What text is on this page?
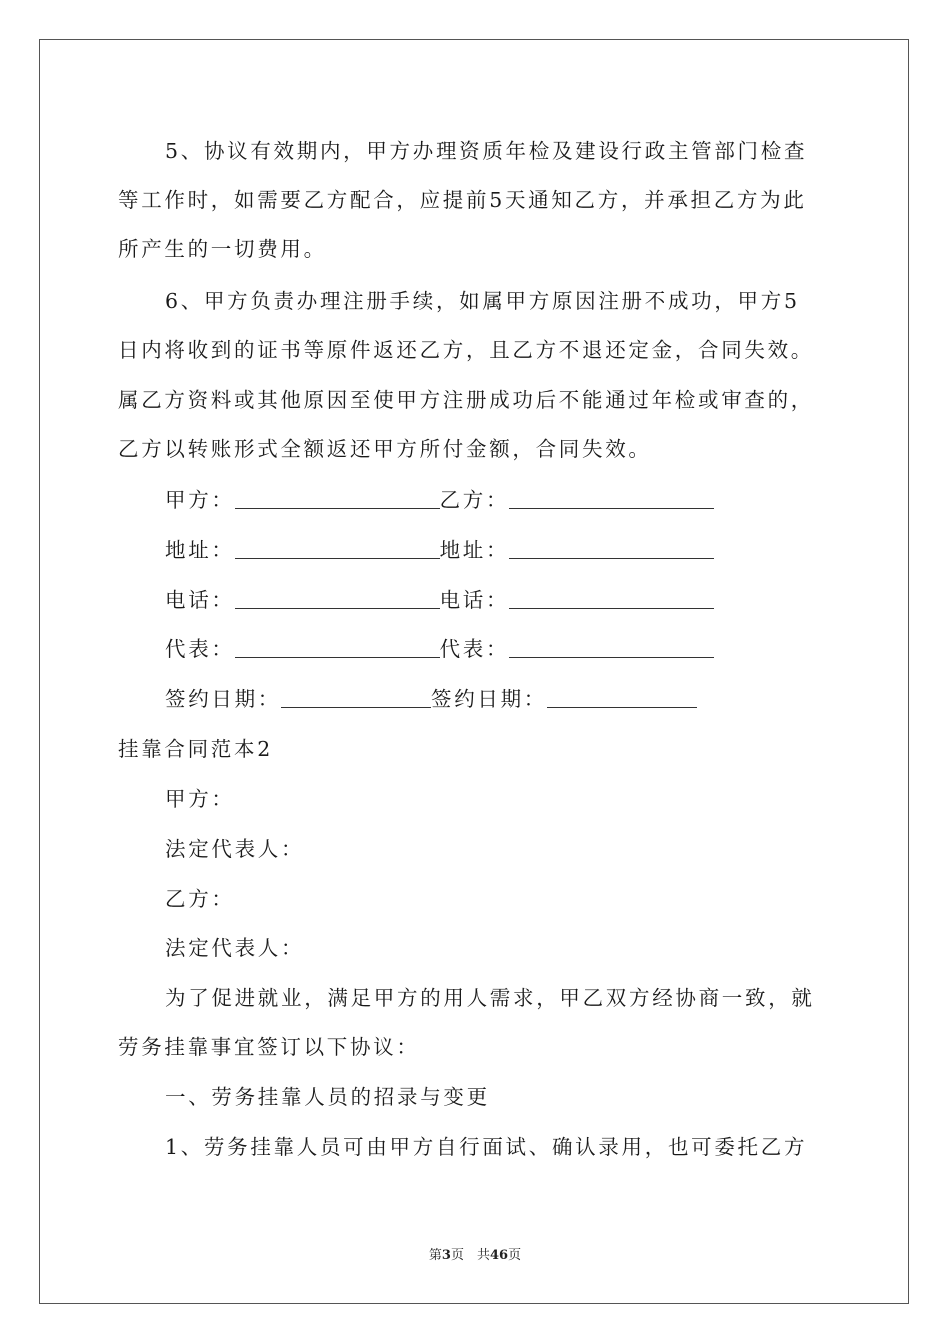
5、协议有效期内，甲方办理资质年检及建设行政主管部门检查
等工作时，如需要乙方配合，应提前5天通知乙方，并承担乙方为此
所产生的一切费用。
6、甲方负责办理注册手续，如属甲方原因注册不成功，甲方5
日内将收到的证书等原件返还乙方，且乙方不退还定金，合同失效。
属乙方资料或其他原因至使甲方注册成功后不能通过年检或审查的，
乙方以转账形式全额返还甲方所付金额，合同失效。
甲方：	乙方：
地址：	地址：
电话：	电话：
代表：	代表：
签约日期：	签约日期：
挂靠合同范本2
甲方：
法定代表人：
乙方：
法定代表人：
为了促进就业，满足甲方的用人需求，甲乙双方经协商一致，就
劳务挂靠事宜签订以下协议：
一、劳务挂靠人员的招录与变更
1、劳务挂靠人员可由甲方自行面试、确认录用，也可委托乙方
第3页　共46页
